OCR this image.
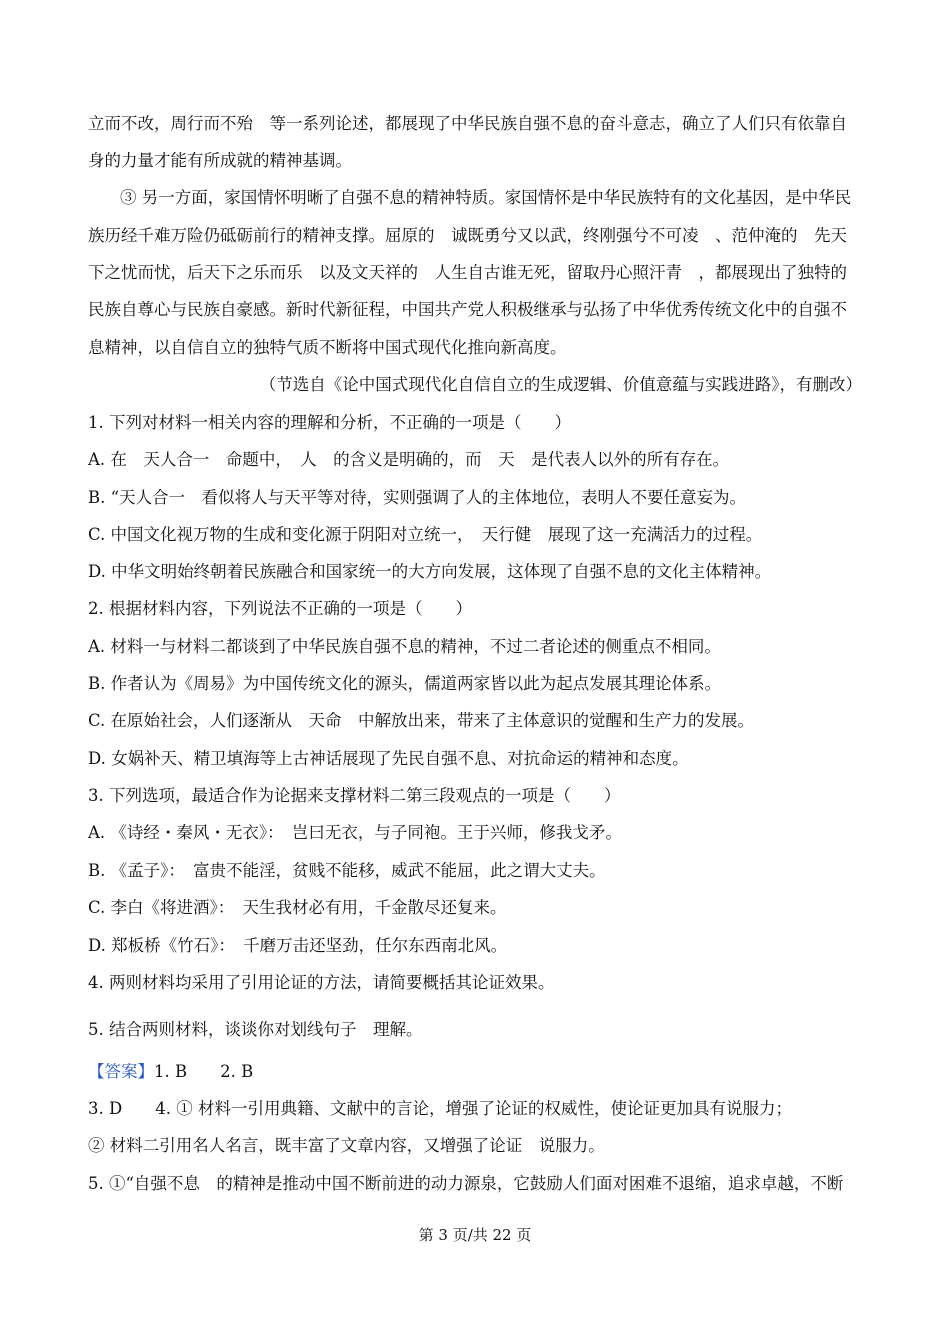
立而不改，周行而不殆　等一系列论述，都展现了中华民族自强不息的奋斗意志，确立了人们只有依靠自
身的力量才能有所成就的精神基调。
③ 另一方面，家国情怀明晰了自强不息的精神特质。家国情怀是中华民族特有的文化基因，是中华民
族历经千难万险仍砥砺前行的精神支撑。屈原的　诚既勇兮又以武，终刚强兮不可凌　、范仲淹的　先天
下之忧而忧，后天下之乐而乐　以及文天祥的　人生自古谁无死，留取丹心照汗青　，都展现出了独特的
民族自尊心与民族自豪感。新时代新征程，中国共产党人积极继承与弘扬了中华优秀传统文化中的自强不
息精神，以自信自立的独特气质不断将中国式现代化推向新高度。
（节选自《论中国式现代化自信自立的生成逻辑、价值意蕴与实践进路》，有删改）
1. 下列对材料一相关内容的理解和分析，不正确的一项是（　　）
A. 在　天人合一　命题中，　人　的含义是明确的，而　天　是代表人以外的所有存在。
B. “天人合一　看似将人与天平等对待，实则强调了人的主体地位，表明人不要任意妄为。
C. 中国文化视万物的生成和变化源于阴阳对立统一，　天行健　展现了这一充满活力的过程。
D. 中华文明始终朝着民族融合和国家统一的大方向发展，这体现了自强不息的文化主体精神。
2. 根据材料内容，下列说法不正确的一项是（　　）
A. 材料一与材料二都谈到了中华民族自强不息的精神，不过二者论述的侧重点不相同。
B. 作者认为《周易》为中国传统文化的源头，儒道两家皆以此为起点发展其理论体系。
C. 在原始社会，人们逐渐从　天命　中解放出来，带来了主体意识的觉醒和生产力的发展。
D. 女娲补天、精卫填海等上古神话展现了先民自强不息、对抗命运的精神和态度。
3. 下列选项，最适合作为论据来支撑材料二第三段观点的一项是（　　）
A. 《诗经・秦风・无衣》：　岂曰无衣，与子同袍。王于兴师，修我戈矛。
B. 《孟子》：　富贵不能淫，贫贱不能移，威武不能屈，此之谓大丈夫。
C. 李白《将进酒》：　天生我材必有用，千金散尽还复来。
D. 郑板桥《竹石》：　千磨万击还坚劲，任尔东西南北风。
4. 两则材料均采用了引用论证的方法，请简要概括其论证效果。
5. 结合两则材料，谈谈你对划线句子　理解。
【答案】1. B　　2. B
3. D　　4. ① 材料一引用典籍、文献中的言论，增强了论证的权威性，使论证更加具有说服力；
② 材料二引用名人名言，既丰富了文章内容，又增强了论证　说服力。
5. ①“自强不息　的精神是推动中国不断前进的动力源泉，它鼓励人们面对困难不退缩，追求卓越，不断
第 3 页/共 22 页
